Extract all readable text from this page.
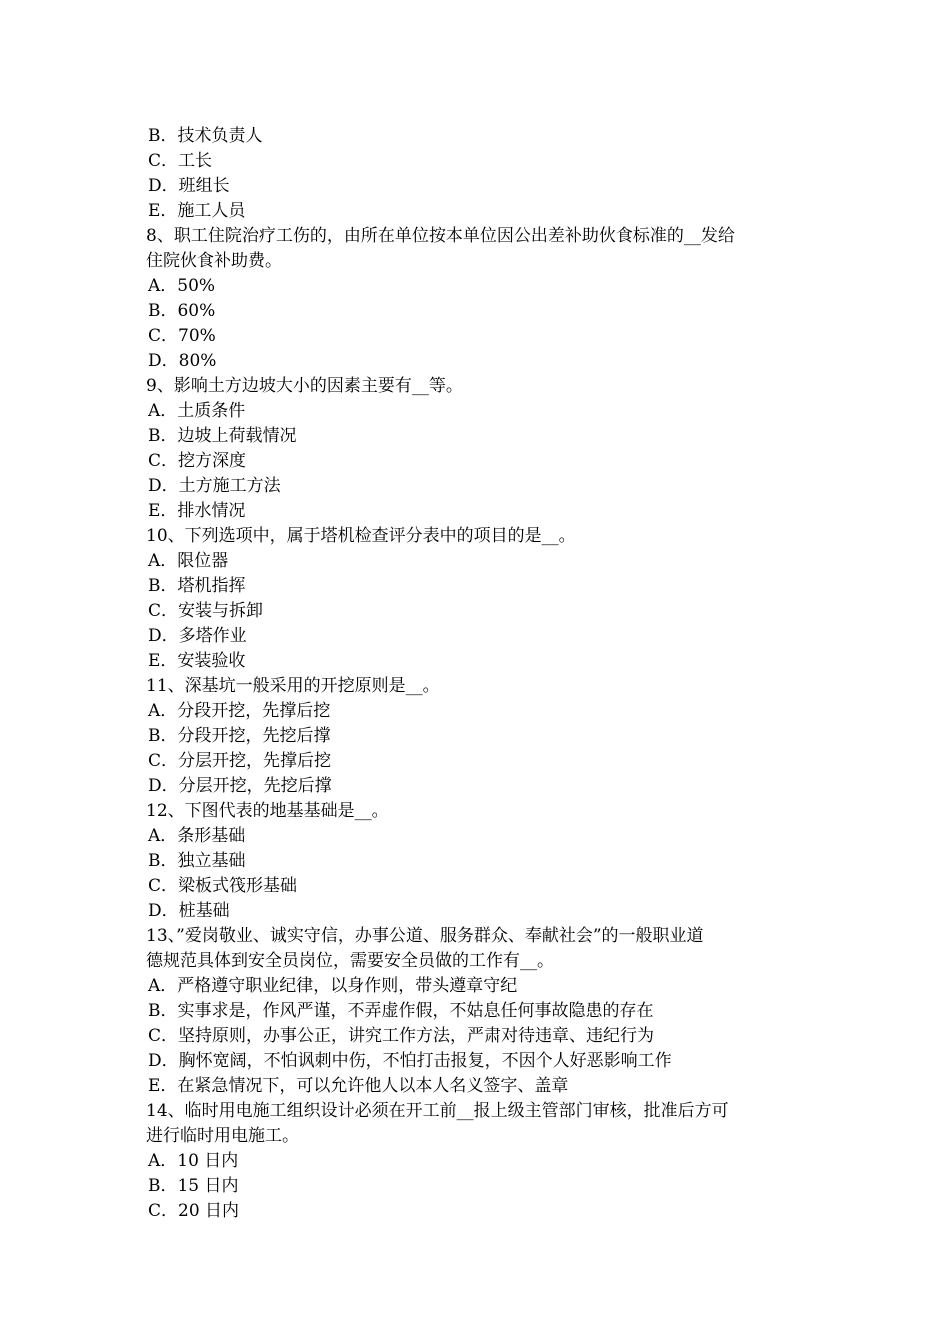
B．技术负责人
C．工长
D．班组长
E．施工人员
8、职工住院治疗工伤的，由所在单位按本单位因公出差补助伙食标准的__发给
住院伙食补助费。
A．50%
B．60%
C．70%
D．80%
9、影响土方边坡大小的因素主要有__等。
A．土质条件
B．边坡上荷载情况
C．挖方深度
D．土方施工方法
E．排水情况
10、下列选项中，属于塔机检查评分表中的项目的是__。
A．限位器
B．塔机指挥
C．安装与拆卸
D．多塔作业
E．安装验收
11、深基坑一般采用的开挖原则是__。
A．分段开挖，先撑后挖
B．分段开挖，先挖后撑
C．分层开挖，先撑后挖
D．分层开挖，先挖后撑
12、下图代表的地基基础是__。
A．条形基础
B．独立基础
C．梁板式筏形基础
D．桩基础
13、”爱岗敬业、诚实守信，办事公道、服务群众、奉献社会”的一般职业道
德规范具体到安全员岗位，需要安全员做的工作有__。
A．严格遵守职业纪律，以身作则，带头遵章守纪
B．实事求是，作风严谨，不弄虚作假，不姑息任何事故隐患的存在
C．坚持原则，办事公正，讲究工作方法，严肃对待违章、违纪行为
D．胸怀宽阔，不怕讽刺中伤，不怕打击报复，不因个人好恶影响工作
E．在紧急情况下，可以允许他人以本人名义签字、盖章
14、临时用电施工组织设计必须在开工前__报上级主管部门审核，批准后方可
进行临时用电施工。
A．10 日内
B．15 日内
C．20 日内
